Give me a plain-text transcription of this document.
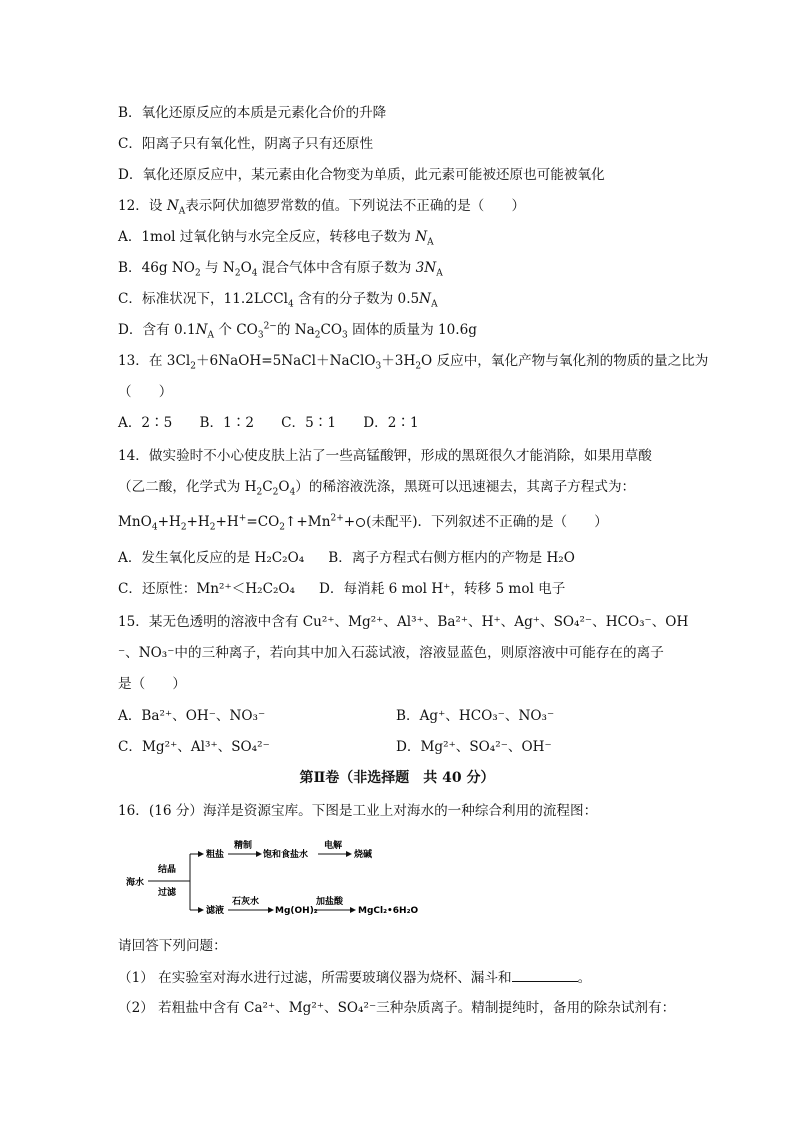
B．氧化还原反应的本质是元素化合价的升降
C．阳离子只有氧化性，阴离子只有还原性
D．氧化还原反应中，某元素由化合物变为单质，此元素可能被还原也可能被氧化
12．设 $N_A$表示阿伏加德罗常数的值。下列说法不正确的是（　　）
A．1mol 过氧化钠与水完全反应，转移电子数为 $N_A$
B．46g $NO_2$ 与 $N_2O_4$ 混合气体中含有原子数为 $3N_A$
C．标准状况下，11.2LCCl$_4$ 含有的分子数为 $0.5N_A$
D．含有 $0.1N_A$ 个 $CO_3^{2-}$的 $Na_2CO_3$ 固体的质量为 10.6g
13．在 $3Cl_2+6NaOH=5NaCl+NaClO_3+3H_2O$ 反应中，氧化产物与氧化剂的物质的量之比为
（　　）
A．2∶5　　B．1∶2　　C．5∶1　　D．2∶1
14．做实验时不小心使皮肤上沾了一些高锰酸钾，形成的黑斑很久才能消除，如果用草酸
（乙二酸，化学式为 $H_2C_2O_4$）的稀溶液洗涤，黑斑可以迅速褪去，其离子方程式为：
$MnO_4+H_2+H_2+H^+=CO_2↑+Mn^{2+}+$ (未配平)．下列叙述不正确的是（　　）
A．发生氧化反应的是 H₂C₂O₄ B．离子方程式右侧方框内的产物是 H₂O
C．还原性：Mn²⁺＜H₂C₂O₄ D．每消耗 6 mol H⁺，转移 5 mol 电子
15．某无色透明的溶液中含有 Cu²⁺、Mg²⁺、Al³⁺、Ba²⁺、H⁺、Ag⁺、SO₄²⁻、HCO₃⁻、OH
⁻、NO₃⁻中的三种离子，若向其中加入石蕊试液，溶液显蓝色，则原溶液中可能存在的离子
是（　　）
A．Ba²⁺、OH⁻、NO₃⁻	B．Ag⁺、HCO₃⁻、NO₃⁻
C．Mg²⁺、Al³⁺、SO₄²⁻	D．Mg²⁺、SO₄²⁻、OH⁻
第Ⅱ卷（非选择题　共 40 分）
16．(16 分）海洋是资源宝库。下图是工业上对海水的一种综合利用的流程图：
海水
结晶
过滤
粗盐
精制
饱和食盐水
电解
烧碱
滤液
石灰水
Mg(OH)₂
加盐酸
MgCl₂•6H₂O
请回答下列问题：
（1） 在实验室对海水进行过滤，所需要玻璃仪器为烧杯、漏斗和	。
（2） 若粗盐中含有 Ca²⁺、Mg²⁺、SO₄²⁻三种杂质离子。精制提纯时，备用的除杂试剂有：
